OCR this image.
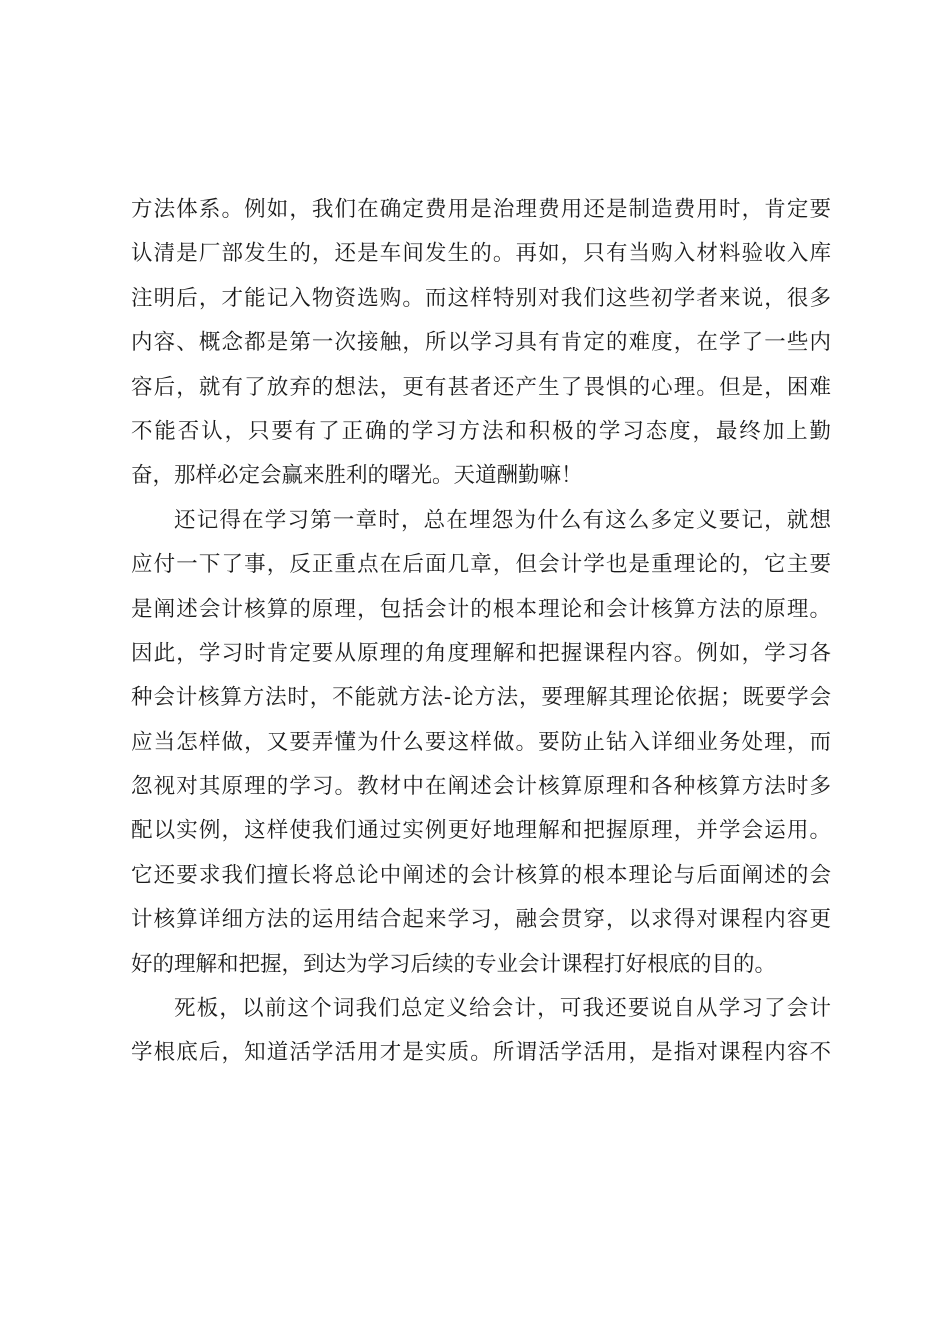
方法体系。例如，我们在确定费用是治理费用还是制造费用时，肯定要
认清是厂部发生的，还是车间发生的。再如，只有当购入材料验收入库
注明后，才能记入物资选购。而这样特别对我们这些初学者来说，很多
内容、概念都是第一次接触，所以学习具有肯定的难度，在学了一些内
容后，就有了放弃的想法，更有甚者还产生了畏惧的心理。但是，困难
不能否认，只要有了正确的学习方法和积极的学习态度，最终加上勤
奋，那样必定会赢来胜利的曙光。天道酬勤嘛！
还记得在学习第一章时，总在埋怨为什么有这么多定义要记，就想
应付一下了事，反正重点在后面几章，但会计学也是重理论的，它主要
是阐述会计核算的原理，包括会计的根本理论和会计核算方法的原理。
因此，学习时肯定要从原理的角度理解和把握课程内容。例如，学习各
种会计核算方法时，不能就方法-论方法，要理解其理论依据；既要学会
应当怎样做，又要弄懂为什么要这样做。要防止钻入详细业务处理，而
忽视对其原理的学习。教材中在阐述会计核算原理和各种核算方法时多
配以实例，这样使我们通过实例更好地理解和把握原理，并学会运用。
它还要求我们擅长将总论中阐述的会计核算的根本理论与后面阐述的会
计核算详细方法的运用结合起来学习，融会贯穿，以求得对课程内容更
好的理解和把握，到达为学习后续的专业会计课程打好根底的目的。
死板，以前这个词我们总定义给会计，可我还要说自从学习了会计
学根底后，知道活学活用才是实质。所谓活学活用，是指对课程内容不
